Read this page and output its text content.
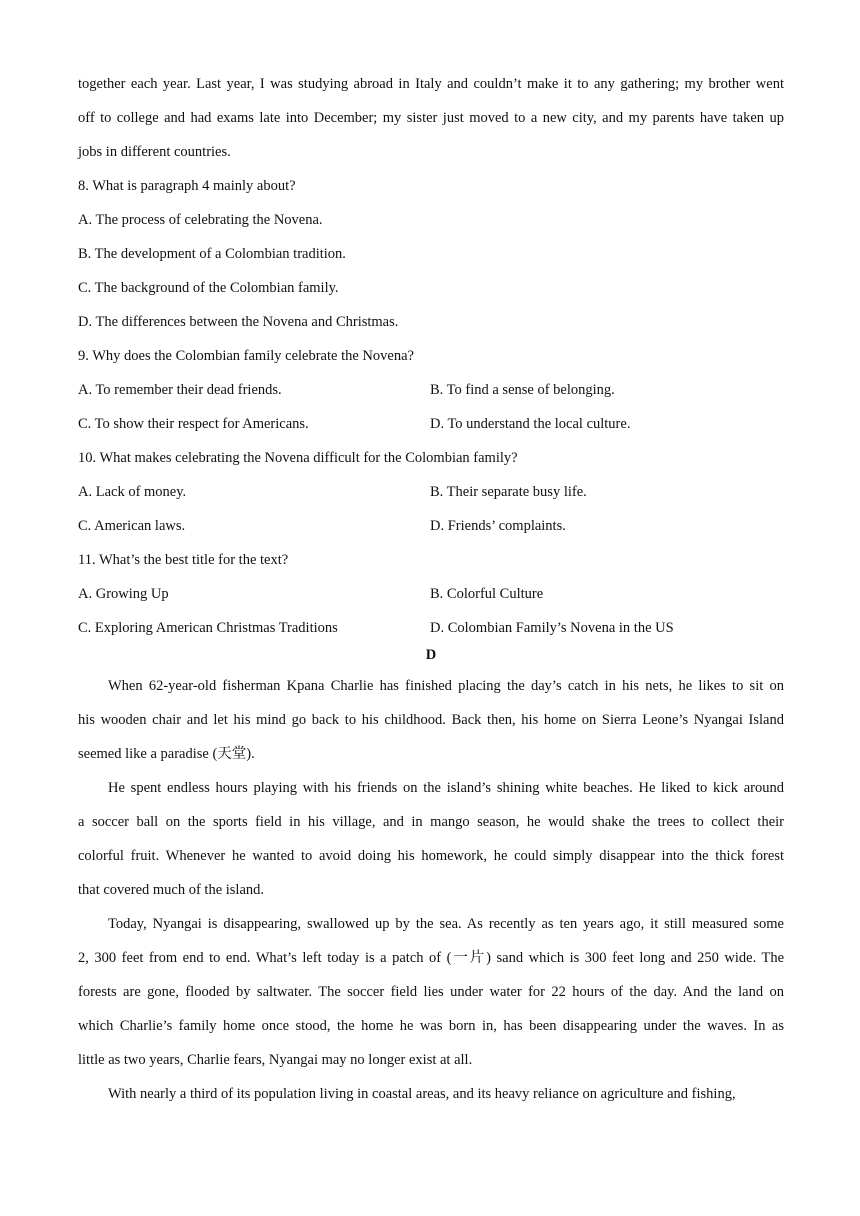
together each year. Last year, I was studying abroad in Italy and couldn’t make it to any gathering; my brother went
off to college and had exams late into December; my sister just moved to a new city, and my parents have taken up
jobs in different countries.
8. What is paragraph 4 mainly about?
A. The process of celebrating the Novena.
B. The development of a Colombian tradition.
C. The background of the Colombian family.
D. The differences between the Novena and Christmas.
9. Why does the Colombian family celebrate the Novena?
A. To remember their dead friends.	B. To find a sense of belonging.
C. To show their respect for Americans.	D. To understand the local culture.
10. What makes celebrating the Novena difficult for the Colombian family?
A. Lack of money.	B. Their separate busy life.
C. American laws.	D. Friends’ complaints.
11. What’s the best title for the text?
A. Growing Up	B. Colorful Culture
C. Exploring American Christmas Traditions	D. Colombian Family’s Novena in the US
D
When 62-year-old fisherman Kpana Charlie has finished placing the day’s catch in his nets, he likes to sit on
his wooden chair and let his mind go back to his childhood. Back then, his home on Sierra Leone’s Nyangai Island
seemed like a paradise (天堂).
He spent endless hours playing with his friends on the island’s shining white beaches. He liked to kick around
a soccer ball on the sports field in his village, and in mango season, he would shake the trees to collect their
colorful fruit. Whenever he wanted to avoid doing his homework, he could simply disappear into the thick forest
that covered much of the island.
Today, Nyangai is disappearing, swallowed up by the sea. As recently as ten years ago, it still measured some
2, 300 feet from end to end. What’s left today is a patch of (一片) sand which is 300 feet long and 250 wide. The
forests are gone, flooded by saltwater. The soccer field lies under water for 22 hours of the day. And the land on
which Charlie’s family home once stood, the home he was born in, has been disappearing under the waves. In as
little as two years, Charlie fears, Nyangai may no longer exist at all.
With nearly a third of its population living in coastal areas, and its heavy reliance on agriculture and fishing,
